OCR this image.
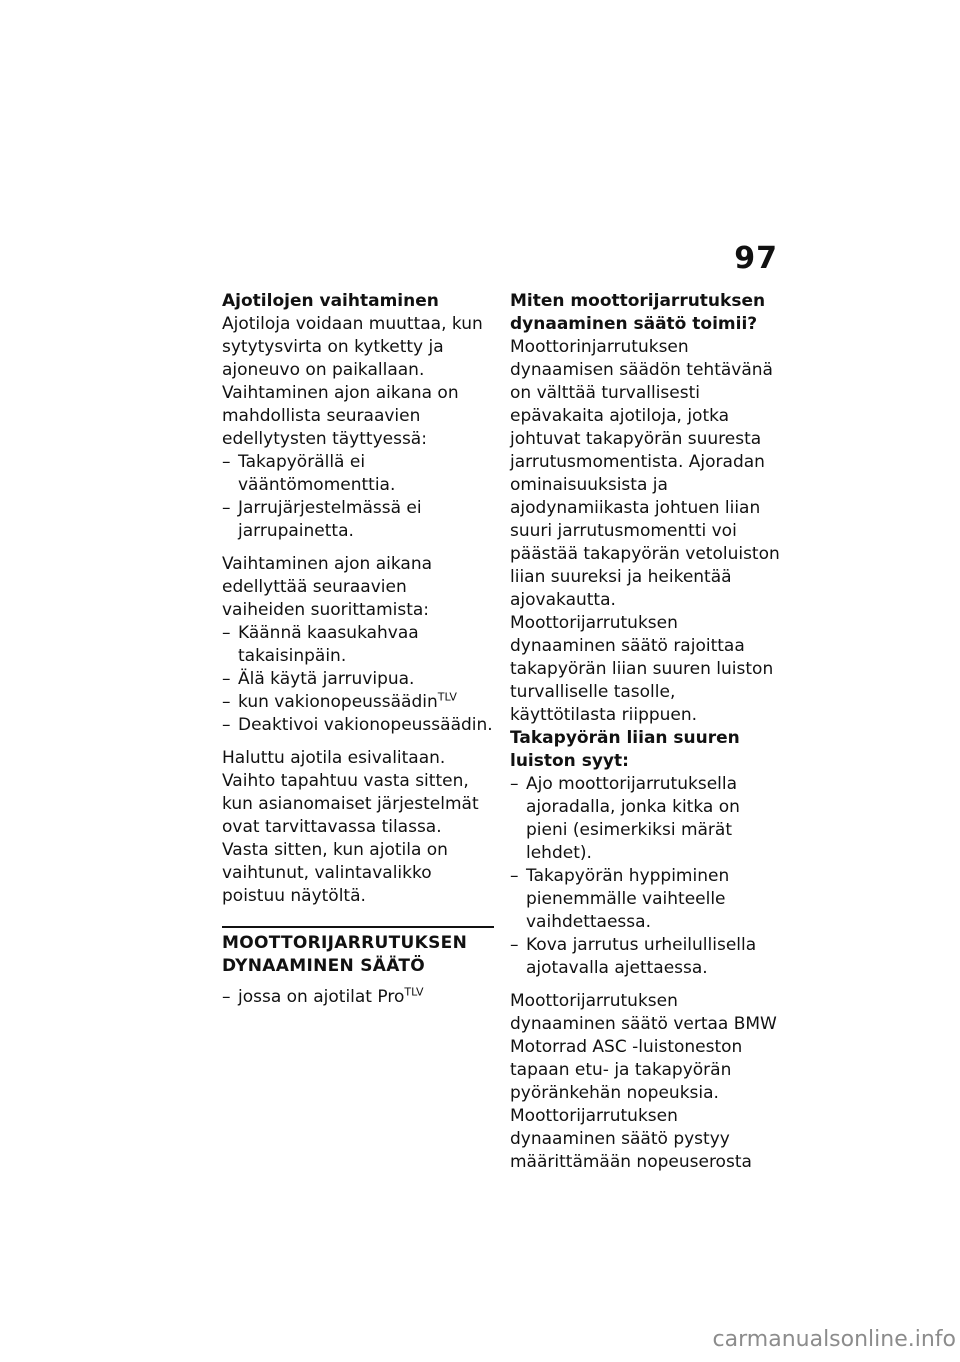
97

Ajotilojen vaihtaminen

Ajotiloja voidaan muuttaa, kun sytytysvirta on kytketty ja ajoneuvo on paikallaan. Vaihtaminen ajon aikana on mahdollista seuraavien edellytysten täyttyessä:

– Takapyörällä ei vääntömomenttia.
– Jarrujärjestelmässä ei jarrupainetta.

Vaihtaminen ajon aikana edellyttää seuraavien vaiheiden suorittamista:

– Käännä kaasukahvaa takaisinpäin.
– Älä käytä jarruvipua.
– kun vakionopeussäädin$^{TLV}$
– Deaktivoi vakionopeussäädin.

Haluttu ajotila esivalitaan.

Vaihto tapahtuu vasta sitten, kun asianomaiset järjestelmät ovat tarvittavassa tilassa.

Vasta sitten, kun ajotila on vaihtunut, valintavalikko poistuu näytöltä.

MOOTTORIJARRUTUKSEN DYNAAMINEN SÄÄTÖ
– jossa on ajotilat Pro$^{TLV}$

Miten moottorijarrutuksen dynaaminen säätö toimii?

Moottorinjarrutuksen dynaamisen säädön tehtävänä on välttää turvallisesti epävakaita ajotiloja, jotka johtuvat takapyörän suuresta jarrutusmomentista. Ajoradan ominaisuuksista ja ajodynamiikasta johtuen liian suuri jarrutusmomentti voi päästää takapyörän vetoluiston liian suureksi ja heikentää ajovakautta. Moottorijarrutuksen dynaaminen säätö rajoittaa takapyörän liian suuren luiston turvalliselle tasolle, käyttötilasta riippuen.

Takapyörän liian suuren luiston syyt:

– Ajo moottorijarrutuksella ajoradalla, jonka kitka on pieni (esimerkiksi märät lehdet).
– Takapyörän hyppiminen pienemmälle vaihteelle vaihdettaessa.
– Kova jarrutus urheilullisella ajotavalla ajettaessa.

Moottorijarrutuksen dynaaminen säätö vertaa BMW Motorrad ASC -luistoneston tapaan etu- ja takapyörän pyöränkehän nopeuksia. Moottorijarrutuksen dynaaminen säätö pystyy määrittämään nopeuserosta

carmanualsonline.info
